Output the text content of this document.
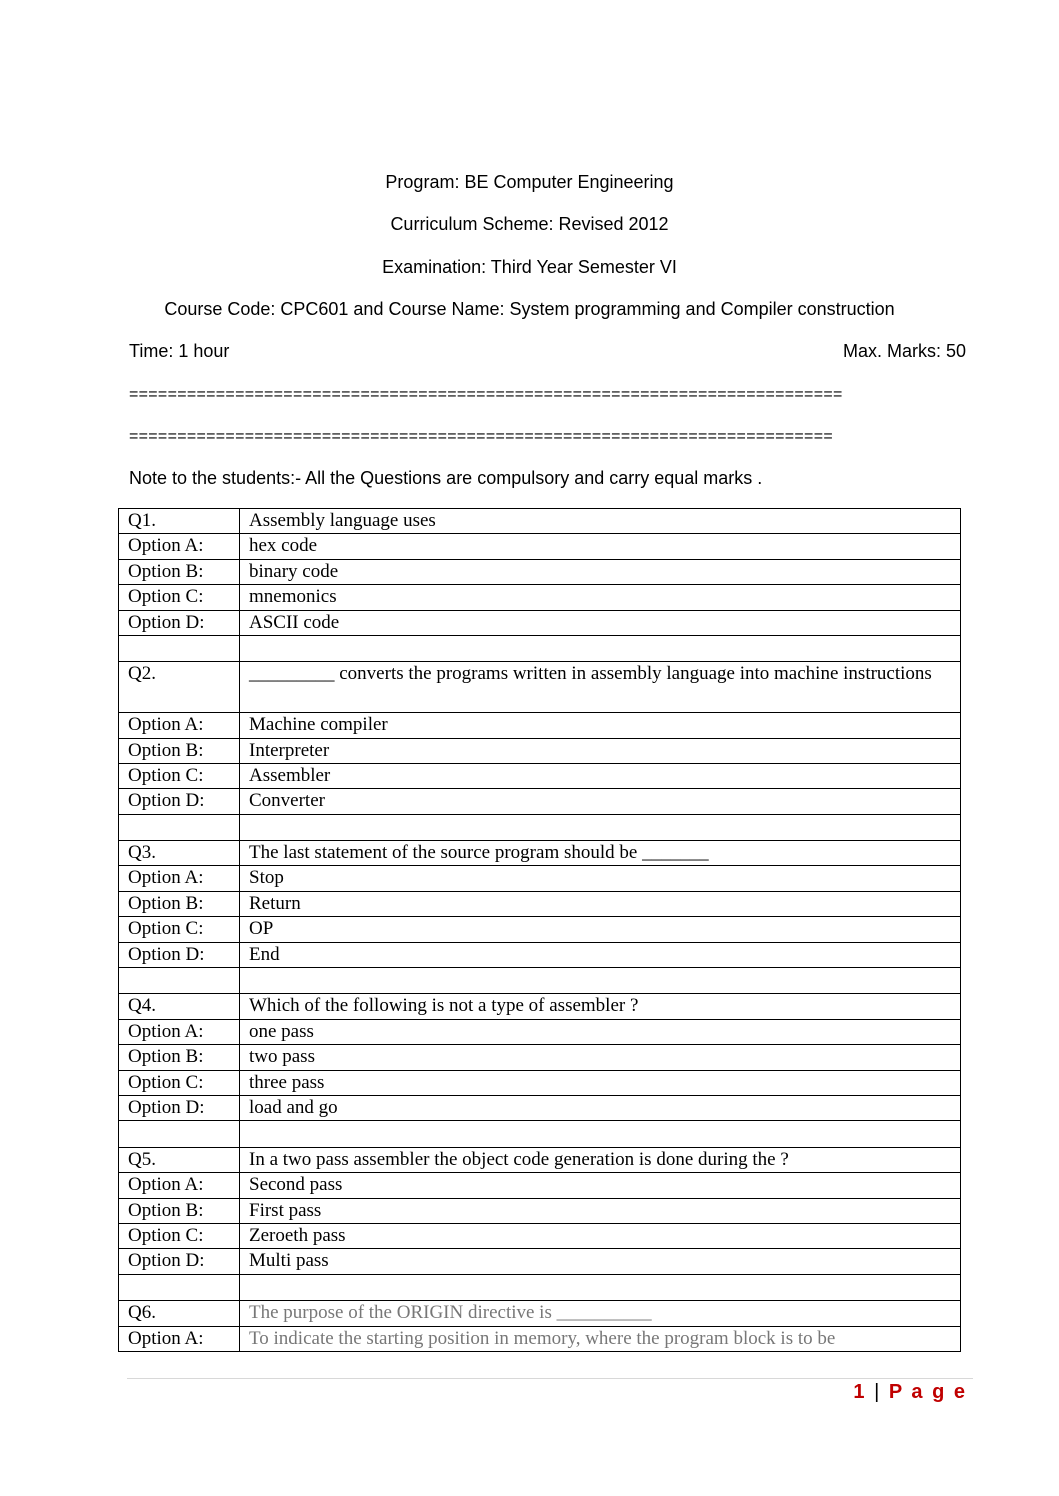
Program: BE Computer Engineering
Curriculum Scheme: Revised 2012
Examination: Third Year Semester VI
Course Code: CPC601 and Course Name: System programming and Compiler construction
Time: 1 hour	Max. Marks: 50
==========================================================================
=========================================================================
Note to the students:- All the Questions are compulsory and carry equal marks .
Q1.	Assembly language uses
Option A:	hex code
Option B:	binary code
Option C:	mnemonics
Option D:	ASCII code

Q2.	_________ converts the programs written in assembly language into machine instructions
Option A:	Machine compiler
Option B:	Interpreter
Option C:	Assembler
Option D:	Converter

Q3.	The last statement of the source program should be _______
Option A:	Stop
Option B:	Return
Option C:	OP
Option D:	End

Q4.	Which of the following is not a type of assembler ?
Option A:	one pass
Option B:	two pass
Option C:	three pass
Option D:	load and go

Q5.	In a two pass assembler the object code generation is done during the ?
Option A:	Second pass
Option B:	First pass
Option C:	Zeroeth pass
Option D:	Multi pass

Q6.	The purpose of the ORIGIN directive is __________
Option A:	To indicate the starting position in memory, where the program block is to be
1 | P a g e
